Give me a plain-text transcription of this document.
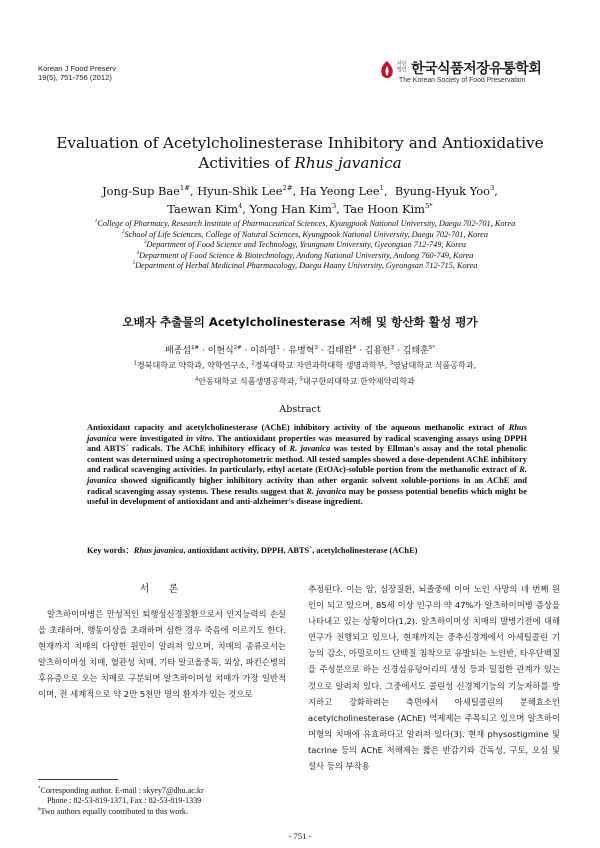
Korean J Food Preserv
19(5), 751-756 (2012)
사단
법인 한국식품저장유통학회
The Korean Society of Food Preservation
Evaluation of Acetylcholinesterase Inhibitory and Antioxidative
Activities of Rhus javanica
Jong-Sup Bae$^{1\#}$, Hyun-Shik Lee$^{2\#}$, Ha Yeong Lee$^1$,  Byung-Hyuk Yoo$^3$,
Taewan Kim$^4$, Yong Han Kim$^3$, Tae Hoon Kim$^{5*}$
$^1$College of Pharmacy, Research Institute of Pharmaceutical Sciences, Kyungpook National University, Daegu 702-701, Korea
$^2$School of Life Sciences, College of Natural Sciences, Kyungpook National University, Daegu 702-701, Korea
$^3$Department of Food Science and Technology, Yeungnam University, Gyeongsan 712-749, Korea
$^4$Department of Food Science & Biotechnology, Andong National University, Andong 760-749, Korea
$^5$Department of Herbal Medicinal Pharmacology, Daegu Haany University, Gyeongsan 712-715, Korea
오배자 추출물의 Acetylcholinesterase 저해 및 항산화 활성 평가
배종섭$^{1\#}$ · 이현식$^{2\#}$ · 이하영$^1$ · 유병혁$^3$ · 김태완$^4$ · 김용한$^3$ · 김태훈$^{5*}$
$^1$경북대학교 약학과, 약학연구소, $^2$경북대학교 자연과학대학 생명과학부, $^3$영남대학교 식품공학과,
$^4$안동대학교 식품생명공학과, $^5$대구한의대학교 한약재약리학과
Abstract
Antioxidant capacity and acetylcholinesterase (AChE) inhibitory activity of the aqueous methanolic extract of Rhus javanica were investigated in vitro. The antioxidant properties was measured by radical scavenging assays using DPPH and ABTS+ radicals. The AChE inhibitory efficacy of R. javanica was tested by Ellman's assay and the total phenolic content was determined using a spectrophotometric method. All tested samples showed a dose-dependent AChE inhibitory and radical scavenging activities. In particularly, ethyl acetate (EtOAc)-soluble portion from the methanolic extract of R. javanica showed significantly higher inhibitory activity than other organic solvent soluble-portions in an AChE and radical scavenging assay systems. These results suggest that R. javanica may be possess potential benefits which might be useful in development of antioxidant and anti-alzheimer's disease ingredient.
Key words：Rhus javanica, antioxidant activity, DPPH, ABTS+, acetylcholinesterase (AChE)
서 론
알츠하이머병은 만성적인 퇴행성신경질환으로서 인지능력의 손실을 초래하며, 행동이상을 초래하며 심한 경우 죽음에 이르기도 한다. 현재까지 치매의 다양한 원인이 알려져 있으며, 치매의 종류로서는 알츠하이머성 치매, 혈관성 치매, 기타 알코올중독, 외상, 파킨슨병의 후유증으로 오는 치매로 구분되며 알츠하이머성 치매가 가장 일반적이며, 전 세계적으로 약 2만 5천만 명의 환자가 있는 것으로
추정된다. 이는 암, 심장질환, 뇌졸중에 이어 노인 사망의 네 번째 원인이 되고 있으며, 85세 이상 인구의 약 47%가 알츠하이머병 증상을 나타내고 있는 상황이다(1,2). 알츠하이머성 치매의 발병기전에 대해 연구가 진행되고 있으나, 현재까지는 중추신경계에서 아세틸콜린 기능의 감소, 아밀로이드 단백질 침착으로 유발되는 노인반, 타우단백질을 주성분으로 하는 신경섬유덩어리의 생성 등과 밀접한 관계가 있는 것으로 알려져 있다. 그중에서도 콜린성 신경계기능의 기능저하를 방지하고 강화하려는 측면에서 아세틸콜린의 분해효소인 acetylcholinesterase (AChE) 억제제는 주목되고 있으며 알츠하이머형의 치매에 유효하다고 알려져 있다(3). 현재 physostigmine 및 tacrine 등의 AChE 저해제는 짧은 반감기와 간독성, 구토, 오심 및 설사 등의 부작용
*Corresponding author. E-mail : skyey7@dhu.ac.kr
Phone : 82-53-819-1371, Fax : 82-53-819-1339
#Two authors equally contributed to this work.
- 751 -
